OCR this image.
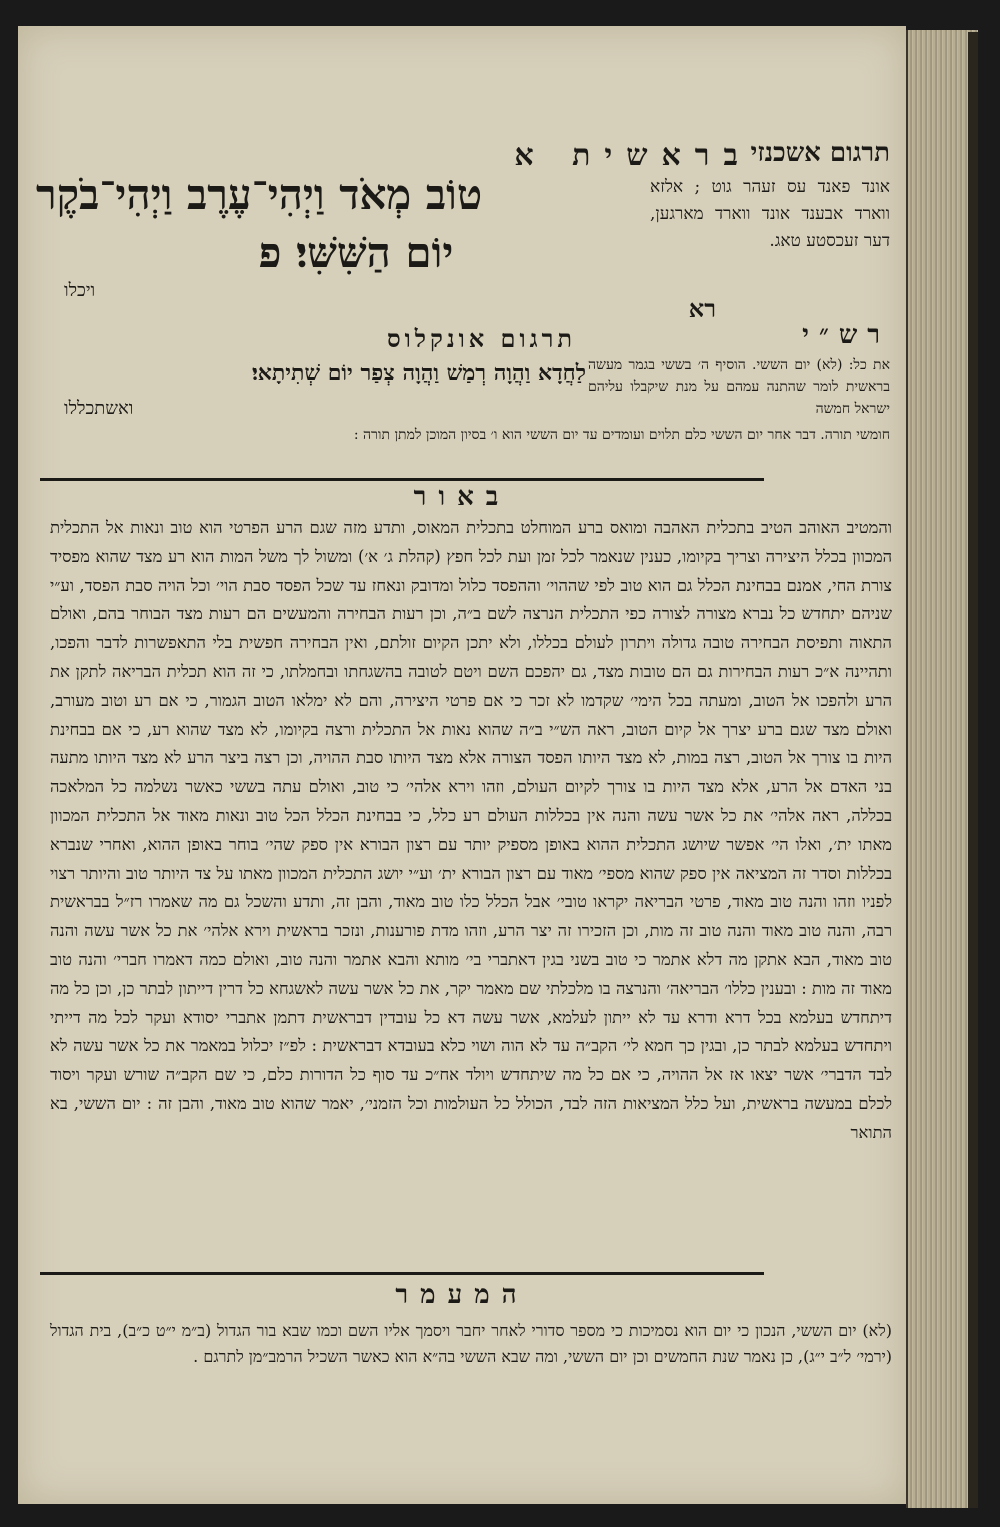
בראשית א
תרגום אשכנזי
אונד פאנד עס זעהר גוט ; אלזא ווארד אבענד אונד ווארד מארגען, דער זעכסטע טאג.
טוֹב מְאֹד וַיְהִי־עֶרֶב וַיְהִי־בֹקֶר
יוֹם הַשִּׁשִּׁי׃ פ
ויכלו
רא
רש״י
תרגום אונקלוס
לַחֲדָא וַהֲוָה רְמַשׁ וַהֲוָה צְפַר יוֹם שְׁתִיתָאי׃
ואשתכללו
את כל: (לא) יום הששי. הוסיף ה׳ בששי בגמר מעשה בראשית לומר שהתנה עמהם על מנת שיקבלו עליהם ישראל חמשה
חומשי תורה. דבר אחר יום הששי כלם תלוים ועומדים עד יום הששי הוא ו׳ בסיון המוכן למתן תורה :
באור
והמטיב האוהב הטיב בתכלית האהבה ומואס ברע המוחלט בתכלית המאוס, ותדע מזה שגם הרע הפרטי הוא טוב ונאות אל התכלית המכוון בכלל היצירה וצריך בקיומו, כענין שנאמר לכל זמן ועת לכל חפץ (קהלת ג׳ א׳) ומשול לך משל המות הוא רע מצד שהוא מפסיד צורת החי, אמנם בבחינת הכלל גם הוא טוב לפי שההוי׳ וההפסד כלול ומדובק ונאחז עד שכל הפסד סבת הוי׳ וכל הויה סבת הפסד, וע״י שניהם יתחדש כל נברא מצורה לצורה כפי התכלית הנרצה לשם ב״ה, וכן רעות הבחירה והמעשים הם רעות מצד הבוחר בהם, ואולם התאוה ותפיסת הבחירה טובה גדולה ויתרון לעולם בכללו, ולא יתכן הקיום זולתם, ואין הבחירה חפשית בלי התאפשרות לדבר והפכו, ותהיינה א״כ רעות הבחירות גם הם טובות מצד, גם יהפכם השם ויטם לטובה בהשגחתו ובחמלתו, כי זה הוא תכלית הבריאה לתקן את הרע ולהפכו אל הטוב, ומעתה בכל הימי׳ שקדמו לא זכר כי אם פרטי היצירה, והם לא ימלאו הטוב הגמור, כי אם רע וטוב מעורב, ואולם מצד שגם ברע יצרך אל קיום הטוב, ראה הש״י ב״ה שהוא נאות אל התכלית ורצה בקיומו, לא מצד שהוא רע, כי אם בבחינת היות בו צורך אל הטוב, רצה במות, לא מצד היותו הפסד הצורה אלא מצד היותו סבת ההויה, וכן רצה ביצר הרע לא מצד היותו מתעה בני האדם אל הרע, אלא מצד היות בו צורך לקיום העולם, וזהו וירא אלהי׳ כי טוב, ואולם עתה בששי כאשר נשלמה כל המלאכה בכללה, ראה אלהי׳ את כל אשר עשה והנה אין בכללות העולם רע כלל, כי בבחינת הכלל הכל טוב ונאות מאוד אל התכלית המכוון מאתו ית׳, ואלו הי׳ אפשר שיושג התכלית ההוא באופן מספיק יותר עם רצון הבורא אין ספק שהי׳ בוחר באופן ההוא, ואחרי שנברא בכללות וסדר זה המציאה אין ספק שהוא מספי׳ מאוד עם רצון הבורא ית׳ וע״י יושג התכלית המכוון מאתו על צד היותר טוב והיותר רצוי לפניו וזהו והנה טוב מאוד, פרטי הבריאה יקראו טובי׳ אבל הכלל כלו טוב מאוד, והבן זה, ותדע והשכל גם מה שאמרו רז״ל בבראשית רבה, והנה טוב מאוד והנה טוב זה מות, וכן הזכירו זה יצר הרע, וזהו מדת פורענות, ונזכר בראשית וירא אלהי׳ את כל אשר עשה והנה טוב מאוד, הבא אתקן מה דלא אתמר כי טוב בשני בגין דאתברי בי׳ מותא והבא אתמר והנה טוב, ואולם כמה דאמרו חברי׳ והנה טוב מאוד זה מות : ובענין כללו׳ הבריאה׳ והנרצה בו מלכלתי שם מאמר יקר, את כל אשר עשה לאשגחא כל דרין דייתון לבתר כן, וכן כל מה דיתחדש בעלמא בכל דרא ודרא עד לא ייתון לעלמא, אשר עשה דא כל עובדין דבראשית דתמן אתברי יסודא ועקר לכל מה דייתי ויתחדש בעלמא לבתר כן, ובגין כך חמא לי׳ הקב״ה עד לא הוה ושוי כלא בעובדא דבראשית : לפ״ז יכלול במאמר את כל אשר עשה לא לבד הדברי׳ אשר יצאו אז אל ההויה, כי אם כל מה שיתחדש ויולד אח״כ עד סוף כל הדורות כלם, כי שם הקב״ה שורש ועקר ויסוד לכלם במעשה בראשית, ועל כלל המציאות הזה לבד, הכולל כל העולמות וכל הזמני׳, יאמר שהוא טוב מאוד, והבן זה : יום הששי, בא התואר
המעמר
(לא) יום הששי, הנכון כי יום הוא נסמיכות כי מספר סדורי לאחר יחבר ויסמך אליו השם וכמו שבא בור הגדול (ב״מ י״ט כ״ב), בית הגדול (ירמי׳ ל״ב י״ג), כן נאמר שנת החמשים וכן יום הששי, ומה שבא הששי בה״א הוא כאשר השכיל הרמב״מן לתרגם .
